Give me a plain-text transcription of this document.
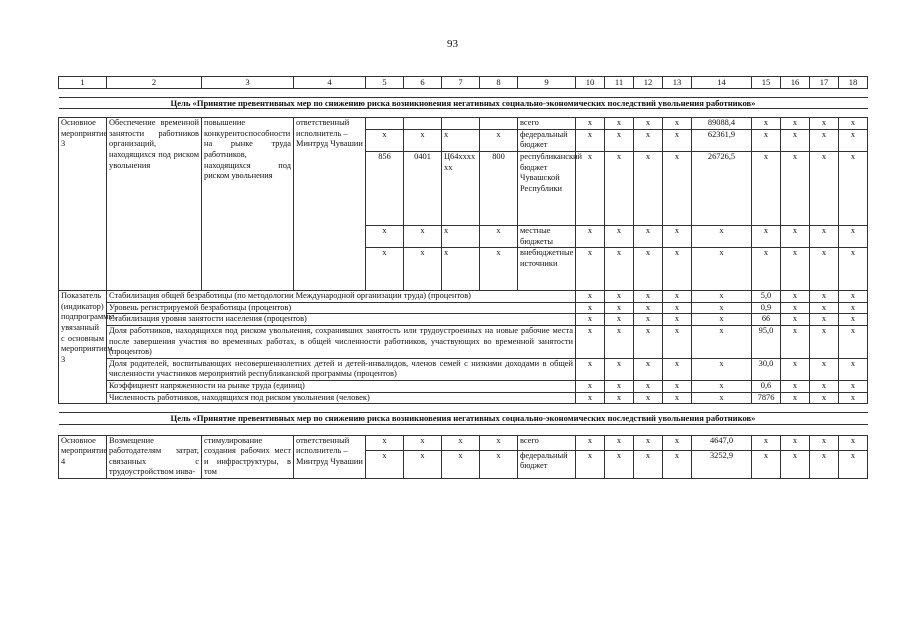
93
1	2	3	4	5	6	7	8	9	10	11	12	13	14	15	16	17	18	

Цель «Принятие превентивных мер по снижению риска возникновения негативных социально-экономических последствий увольнения работников»																		

Основное мероприятие 3	Обеспечение временной занятости работников организаций, находящихся под риском увольнения	повышение конкурентоспособности на рынке труда работников, находящихся под риском увольнения	ответственный исполнитель – Минтруд Чувашии					всего	x	x	x	x	89088,4	x	x	x	x	
				x	x	x	x	федеральный бюджет	x	x	x	x	62361,9	x	x	x	x	
				856	0401	Ц64хххххх	800	республиканский бюджет Чувашской Республики	x	x	x	x	26726,5	x	x	x	x	
				x	x	x	x	местные бюджеты	x	x	x	x	x	x	x	x	x	
				x	x	x	x	внебюджетные источники	x	x	x	x	x	x	x	x	x	
Показатель (индикатор) подпрограммы, увязанный с основным мероприятием 3	Стабилизация общей безработицы (по методологии Международной организации труда) (процентов)								x	x	x	x	x	5,0	x	x	x	
	Уровень регистрируемой безработицы (процентов)								x	x	x	x	x	0,9	x	x	x	
	Стабилизация уровня занятости населения (процентов)								x	x	x	x	x	66	x	x	x	
	Доля работников, находящихся под риском увольнения, сохранивших занятость или трудоустроенных на новые рабочие места после завершения участия во временных работах, в общей численности работников, участвующих во временной занятости (процентов)								x	x	x	x	x	95,0	x	x	x	
	Доля родителей, воспитывающих несовершеннолетних детей и детей-инвалидов, членов семей с низкими доходами в общей численности участников мероприятий республиканской программы (процентов)								x	x	x	x	x	30,0	x	x	x	
	Коэффициент напряженности на рынке труда (единиц)								x	x	x	x	x	0,6	x	x	x	
	Численность работников, находящихся под риском увольнения (человек)								x	x	x	x	x	7876	x	x	x	

Цель «Принятие превентивных мер по снижению риска возникновения негативных социально-экономических последствий увольнения работников»																		

Основное мероприятие 4	Возмещение работодателям затрат, связанных с трудоустройством инва-	стимулирование создания рабочих мест и инфраструктуры, в том	ответственный исполнитель – Минтруд Чувашии	x	x	x	x	всего	x	x	x	x	4647,0	x	x	x	x	
				x	x	x	x	федеральный бюджет	x	x	x	x	3252,9	x	x	x	x	
